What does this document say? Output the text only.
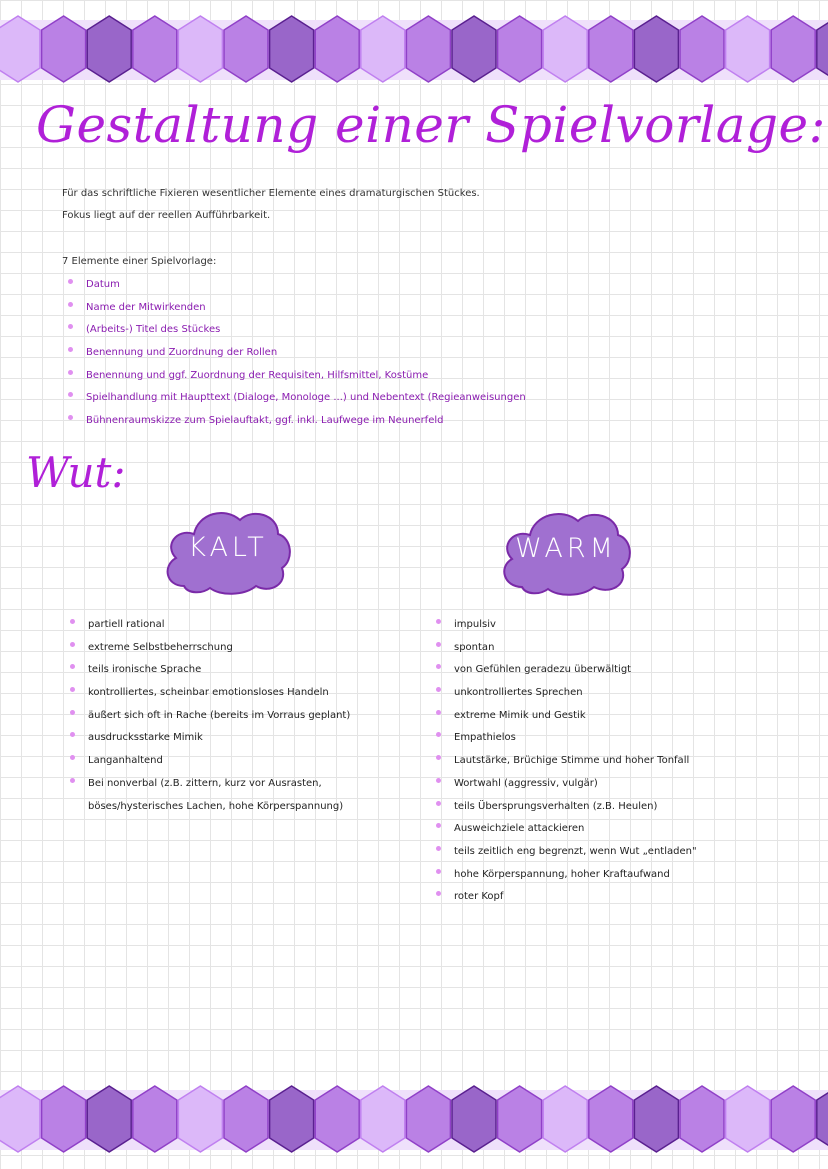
Gestaltung einer Spielvorlage:
Für das schriftliche Fixieren wesentlicher Elemente eines dramaturgischen Stückes.
Fokus liegt auf der reellen Aufführbarkeit.
7 Elemente einer Spielvorlage:
Datum
Name der Mitwirkenden
(Arbeits-) Titel des Stückes
Benennung und Zuordnung der Rollen
Benennung und ggf. Zuordnung der Requisiten, Hilfsmittel, Kostüme
Spielhandlung mit Haupttext (Dialoge, Monologe ...) und Nebentext (Regieanweisungen
Bühnenraumskizze zum Spielauftakt, ggf. inkl. Laufwege im Neunerfeld
Wut:
KALT	WARM
partiell rational
extreme Selbstbeherrschung
teils ironische Sprache
kontrolliertes, scheinbar emotionsloses Handeln
äußert sich oft in Rache (bereits im Vorraus geplant)
ausdrucksstarke Mimik
Langanhaltend
Bei nonverbal (z.B. zittern, kurz vor Ausrasten, böses/hysterisches Lachen, hohe Körperspannung)
impulsiv
spontan
von Gefühlen geradezu überwältigt
unkontrolliertes Sprechen
extreme Mimik und Gestik
Empathielos
Lautstärke, Brüchige Stimme und hoher Tonfall
Wortwahl (aggressiv, vulgär)
teils Übersprungsverhalten (z.B. Heulen)
Ausweichziele attackieren
teils zeitlich eng begrenzt, wenn Wut „entladen"
hohe Körperspannung, hoher Kraftaufwand
roter Kopf
